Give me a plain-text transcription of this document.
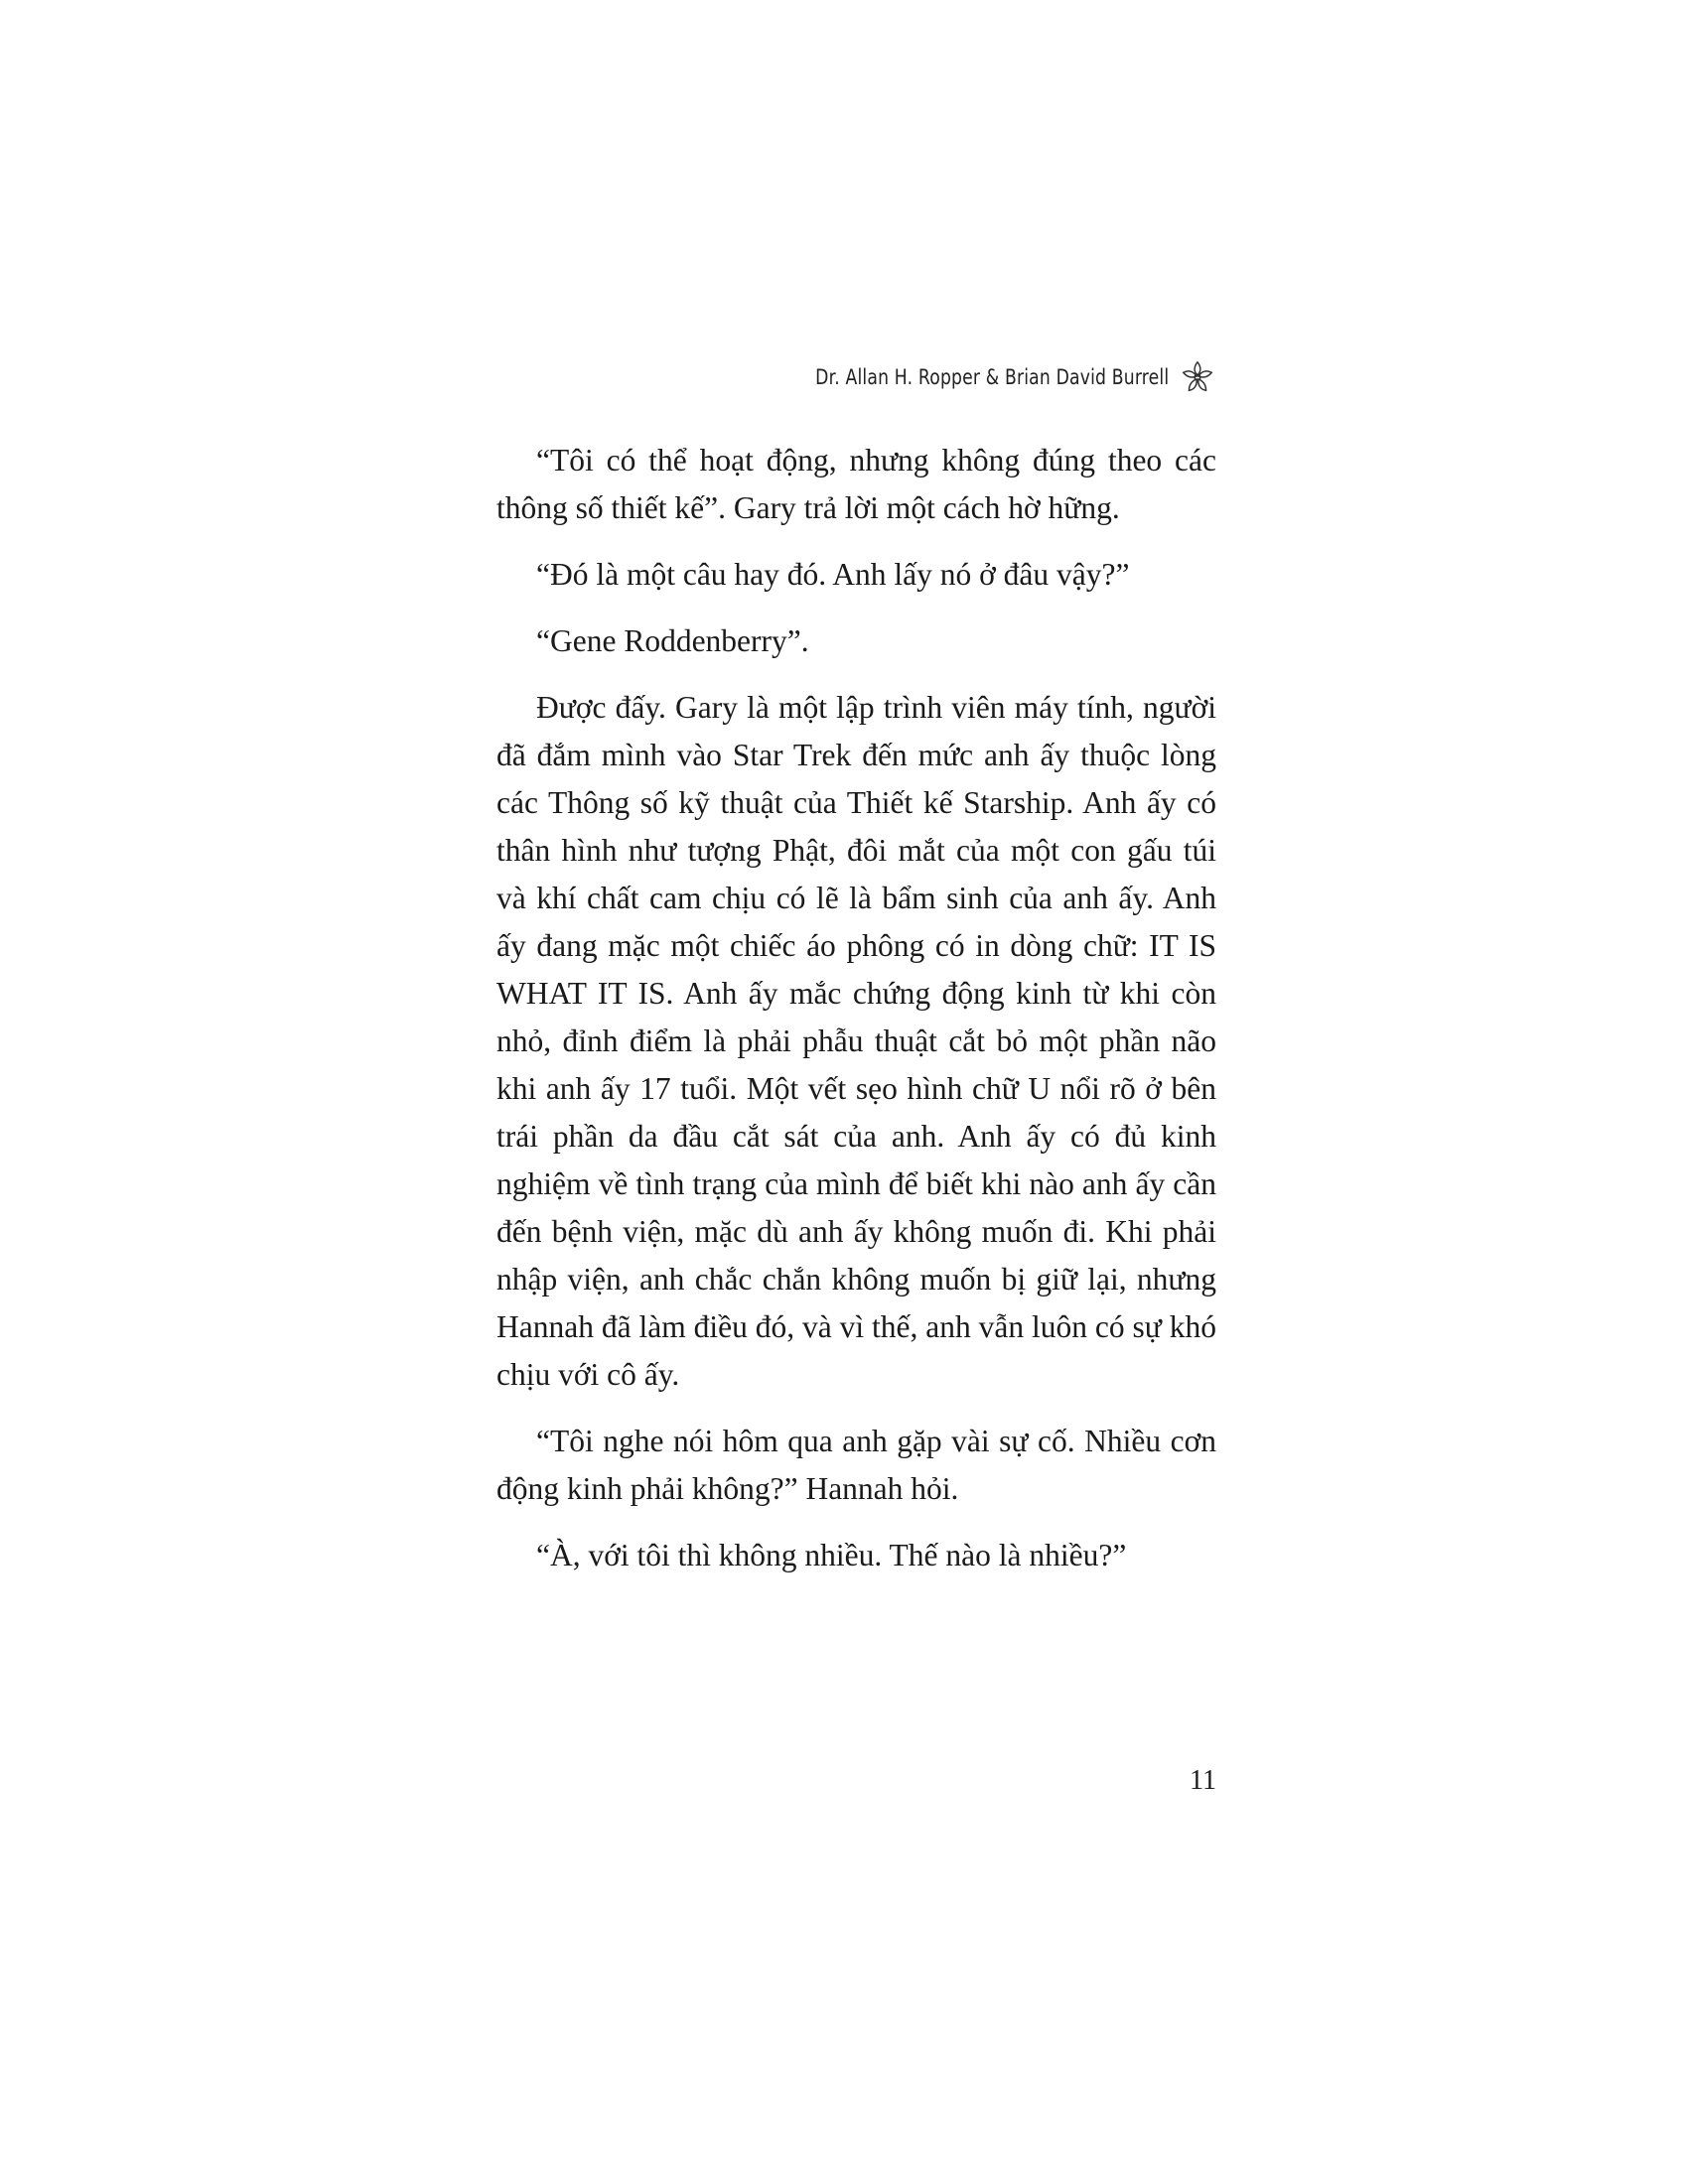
Dr. Allan H. Ropper & Brian David Burrell

“Tôi có thể hoạt động, nhưng không đúng theo các thông số thiết kế”. Gary trả lời một cách hờ hững.

“Đó là một câu hay đó. Anh lấy nó ở đâu vậy?”

“Gene Roddenberry”.

Được đấy. Gary là một lập trình viên máy tính, người đã đắm mình vào Star Trek đến mức anh ấy thuộc lòng các Thông số kỹ thuật của Thiết kế Starship. Anh ấy có thân hình như tượng Phật, đôi mắt của một con gấu túi và khí chất cam chịu có lẽ là bẩm sinh của anh ấy. Anh ấy đang mặc một chiếc áo phông có in dòng chữ: IT IS WHAT IT IS. Anh ấy mắc chứng động kinh từ khi còn nhỏ, đỉnh điểm là phải phẫu thuật cắt bỏ một phần não khi anh ấy 17 tuổi. Một vết sẹo hình chữ U nổi rõ ở bên trái phần da đầu cắt sát của anh. Anh ấy có đủ kinh nghiệm về tình trạng của mình để biết khi nào anh ấy cần đến bệnh viện, mặc dù anh ấy không muốn đi. Khi phải nhập viện, anh chắc chắn không muốn bị giữ lại, nhưng Hannah đã làm điều đó, và vì thế, anh vẫn luôn có sự khó chịu với cô ấy.

“Tôi nghe nói hôm qua anh gặp vài sự cố. Nhiều cơn động kinh phải không?” Hannah hỏi.

“À, với tôi thì không nhiều. Thế nào là nhiều?”

11
